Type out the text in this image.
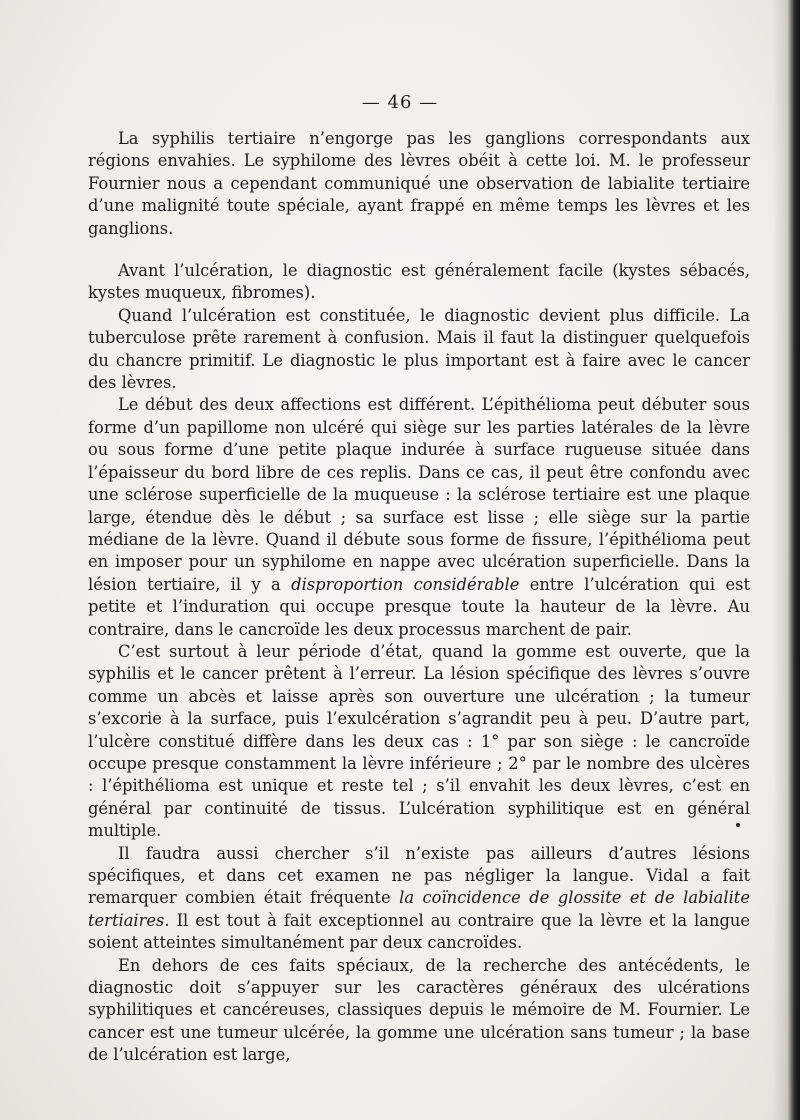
— 46 —

La syphilis tertiaire n’engorge pas les ganglions correspondants aux régions envahies. Le syphilome des lèvres obéit à cette loi. M. le professeur Fournier nous a cependant communiqué une observation de labialite tertiaire d’une malignité toute spéciale, ayant frappé en même temps les lèvres et les ganglions.

Avant l’ulcération, le diagnostic est généralement facile (kystes sébacés, kystes muqueux, fibromes).

Quand l’ulcération est constituée, le diagnostic devient plus difficile. La tuberculose prête rarement à confusion. Mais il faut la distinguer quelquefois du chancre primitif. Le diagnostic le plus important est à faire avec le cancer des lèvres.

Le début des deux affections est différent. L’épithélioma peut débuter sous forme d’un papillome non ulcéré qui siège sur les parties latérales de la lèvre ou sous forme d’une petite plaque indurée à surface rugueuse située dans l’épaisseur du bord libre de ces replis. Dans ce cas, il peut être confondu avec une sclérose superficielle de la muqueuse : la sclérose tertiaire est une plaque large, étendue dès le début ; sa surface est lisse ; elle siège sur la partie médiane de la lèvre. Quand il débute sous forme de fissure, l’épithélioma peut en imposer pour un syphilome en nappe avec ulcération superficielle. Dans la lésion tertiaire, il y a disproportion considérable entre l’ulcération qui est petite et l’induration qui occupe presque toute la hauteur de la lèvre. Au contraire, dans le cancroïde les deux processus marchent de pair.

C’est surtout à leur période d’état, quand la gomme est ouverte, que la syphilis et le cancer prêtent à l’erreur. La lésion spécifique des lèvres s’ouvre comme un abcès et laisse après son ouverture une ulcération ; la tumeur s’excorie à la surface, puis l’exulcération s’agrandit peu à peu. D’autre part, l’ulcère constitué diffère dans les deux cas : 1° par son siège : le cancroïde occupe presque constamment la lèvre inférieure ; 2° par le nombre des ulcères : l’épithélioma est unique et reste tel ; s’il envahit les deux lèvres, c’est en général par continuité de tissus. L’ulcération syphilitique est en général multiple.

Il faudra aussi chercher s’il n’existe pas ailleurs d’autres lésions spécifiques, et dans cet examen ne pas négliger la langue. Vidal a fait remarquer combien était fréquente la coïncidence de glossite et de labialite tertiaires. Il est tout à fait exceptionnel au contraire que la lèvre et la langue soient atteintes simultanément par deux cancroïdes.

En dehors de ces faits spéciaux, de la recherche des antécédents, le diagnostic doit s’appuyer sur les caractères généraux des ulcérations syphilitiques et cancéreuses, classiques depuis le mémoire de M. Fournier. Le cancer est une tumeur ulcérée, la gomme une ulcération sans tumeur ; la base de l’ulcération est large,
